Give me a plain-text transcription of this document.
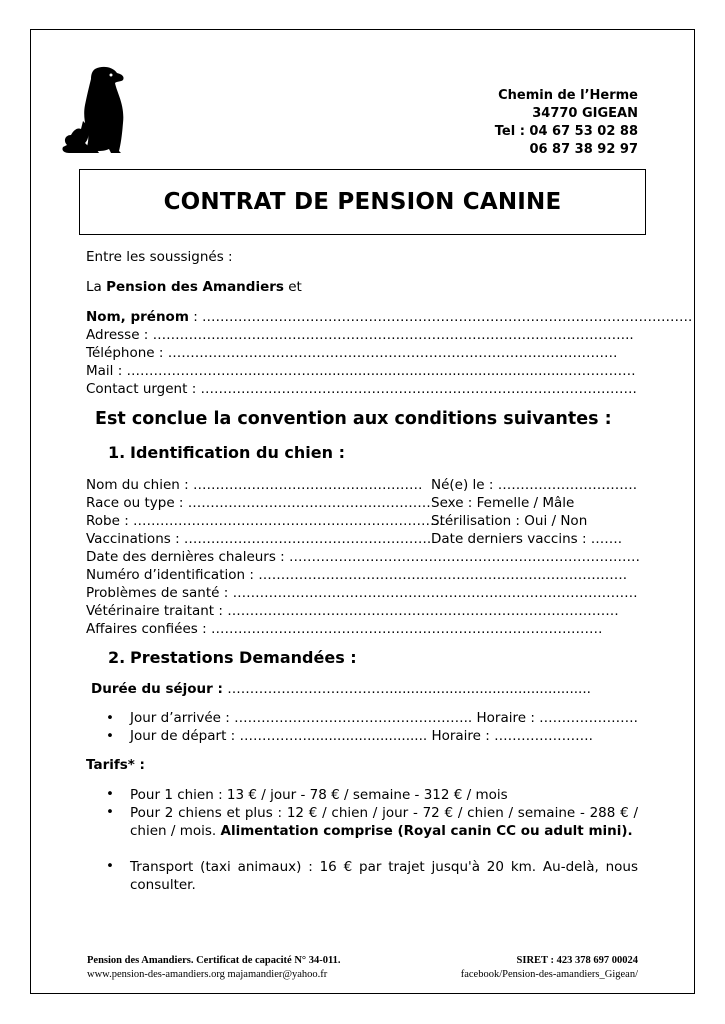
Chemin de l’Herme
34770 GIGEAN
Tel : 04 67 53 02 88
06 87 38 92 97
CONTRAT DE PENSION CANINE
Entre les soussignés :
La Pension des Amandiers et
Nom, prénom : ……………………………………………………………………………………………….
Adresse : ……………………………………………………………………………………………..
Téléphone : …………………………………………………………………………….…………
Mail : ………………………...…………...........................................................……………
Contact urgent : …………………………………………………………………………………….
Est conclue la convention aux conditions suivantes :
1. Identification du chien :
Nom du chien : ……………………………………………
Race ou type : ………………………………………………
Robe : ……………………………………………………………
Vaccinations : ……………………………………………….
Né(e) le : ………………………….
Sexe : Femelle / Mâle
Stérilisation : Oui / Non
Date derniers vaccins : …….
Date des dernières chaleurs : ……………………………………………………………………
Numéro d’identification : ……………………………………………………………………….
Problèmes de santé : ………………………………………………………………………………
Vétérinaire traitant : ……………………………………………………………………………
Affaires confiées : ……………………………………………………………………………
2. Prestations Demandées :
Durée du séjour : ………………………………...............................................
• Jour d’arrivée : …………………………………………….. Horaire : ………………….
• Jour de départ : ……………............................ Horaire : ………………….
Tarifs* :
• Pour 1 chien : 13 € / jour - 78 € / semaine - 312 € / mois
• Pour 2 chiens et plus : 12 € / chien / jour - 72 € / chien / semaine - 288 € / chien / mois. Alimentation comprise (Royal canin CC ou adult mini).
• Transport (taxi animaux) : 16 € par trajet jusqu'à 20 km. Au-delà, nous consulter.
Pension des Amandiers. Certificat de capacité N° 34-011.
www.pension-des-amandiers.org majamandier@yahoo.fr
SIRET : 423 378 697 00024
facebook/Pension-des-amandiers_Gigean/
